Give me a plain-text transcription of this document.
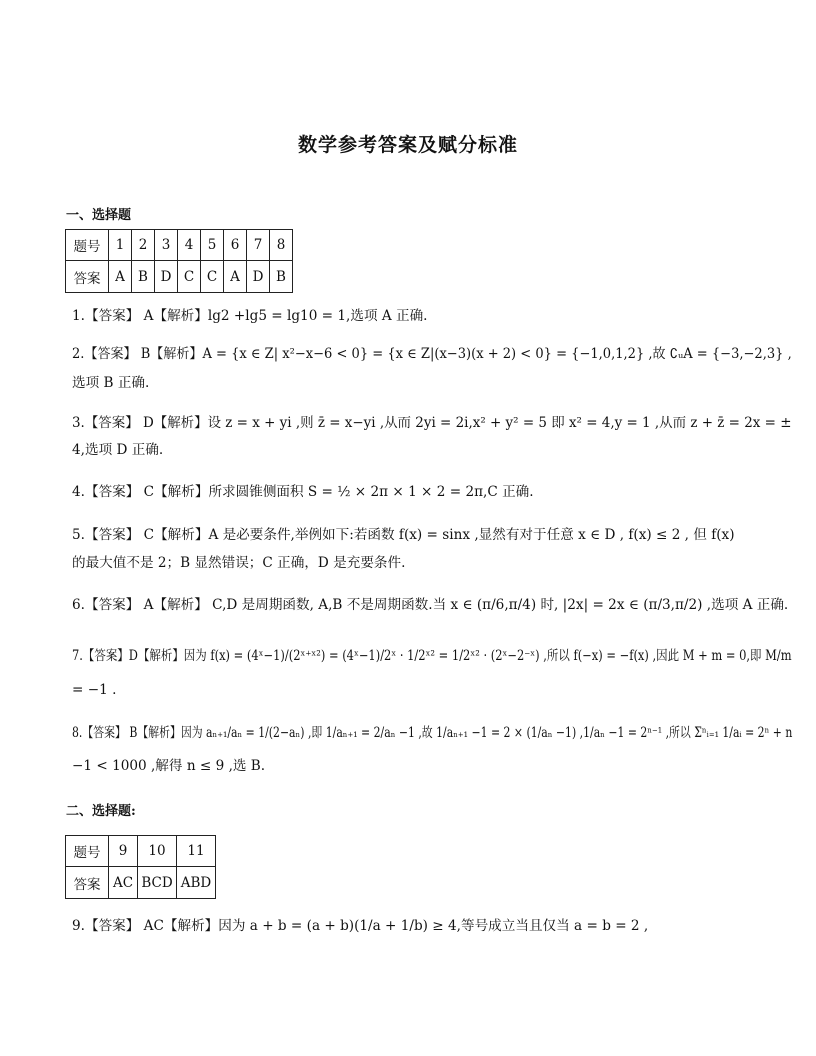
数学参考答案及赋分标准
一、选择题
题号	1	2	3	4	5	6	7	8
答案	A	B	D	C	C	A	D	B
1.【答案】 A【解析】lg2 +lg5 = lg10 = 1,选项 A 正确.
2.【答案】 B【解析】A = {x ∈ Z| x²−x−6 < 0} = {x ∈ Z|(x−3)(x + 2) < 0} = {−1,0,1,2} ,故 ∁ᵤA = {−3,−2,3} ,
选项 B 正确.
3.【答案】 D【解析】设 z = x + yi ,则 z̄ = x−yi ,从而 2yi = 2i,x² + y² = 5 即 x² = 4,y = 1 ,从而 z + z̄ = 2x = ±
4,选项 D 正确.
4.【答案】 C【解析】所求圆锥侧面积 S = ½ × 2π × 1 × 2 = 2π,C 正确.
5.【答案】 C【解析】A 是必要条件,举例如下:若函数 f(x) = sinx ,显然有对于任意 x ∈ D , f(x) ≤ 2 , 但 f(x)
的最大值不是 2；B 显然错误；C 正确，D 是充要条件.
6.【答案】 A【解析】 C,D 是周期函数, A,B 不是周期函数.当 x ∈ (π/6,π/4) 时, |2x| = 2x ∈ (π/3,π/2) ,选项 A 正确.
7.【答案】D【解析】因为 f(x) = (4ˣ−1)/(2ˣ⁺ˣ²) = (4ˣ−1)/2ˣ · 1/2ˣ² = 1/2ˣ² · (2ˣ−2⁻ˣ) ,所以 f(−x) = −f(x) ,因此 M + m = 0,即 M/m
= −1 .
8.【答案】 B【解析】因为 aₙ₊₁/aₙ = 1/(2−aₙ) ,即 1/aₙ₊₁ = 2/aₙ −1 ,故 1/aₙ₊₁ −1 = 2 × (1/aₙ −1) ,1/aₙ −1 = 2ⁿ⁻¹ ,所以 Σⁿᵢ₌₁ 1/aᵢ = 2ⁿ + n
−1 < 1000 ,解得 n ≤ 9 ,选 B.
二、选择题:
题号	9	10	11
答案	AC	BCD	ABD
9.【答案】 AC【解析】因为 a + b = (a + b)(1/a + 1/b) ≥ 4,等号成立当且仅当 a = b = 2 ,
